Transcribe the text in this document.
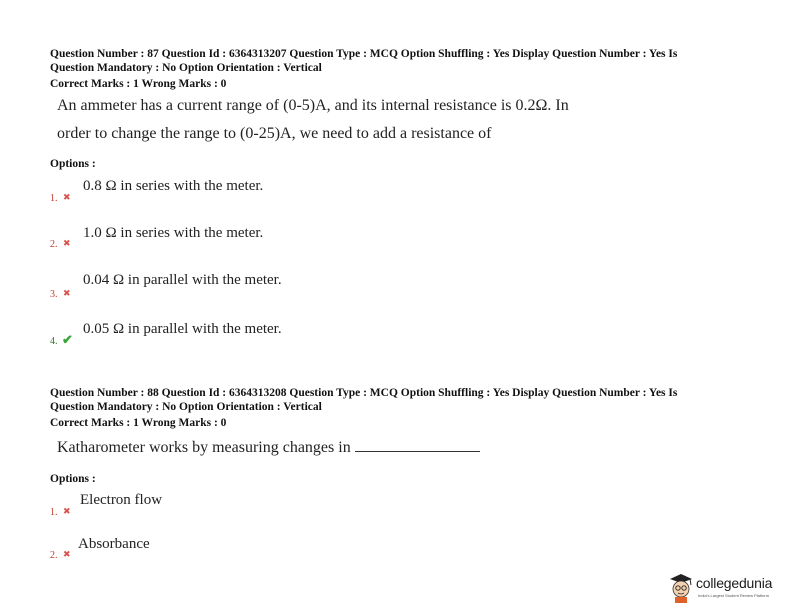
Question Number : 87 Question Id : 6364313207 Question Type : MCQ Option Shuffling : Yes Display Question Number : Yes Is
Question Mandatory : No Option Orientation : Vertical
Correct Marks : 1 Wrong Marks : 0
An ammeter has a current range of (0-5)A, and its internal resistance is 0.2Ω. In
order to change the range to (0-25)A, we need to add a resistance of
Options :
1. ✖
0.8 Ω in series with the meter.
2. ✖
1.0 Ω in series with the meter.
3. ✖
0.04 Ω in parallel with the meter.
4. ✔
0.05 Ω in parallel with the meter.
Question Number : 88 Question Id : 6364313208 Question Type : MCQ Option Shuffling : Yes Display Question Number : Yes Is
Question Mandatory : No Option Orientation : Vertical
Correct Marks : 1 Wrong Marks : 0
Katharometer works by measuring changes in
Options :
1. ✖
Electron flow
2. ✖
Absorbance
collegedunia
India's Largest Student Review Platform
